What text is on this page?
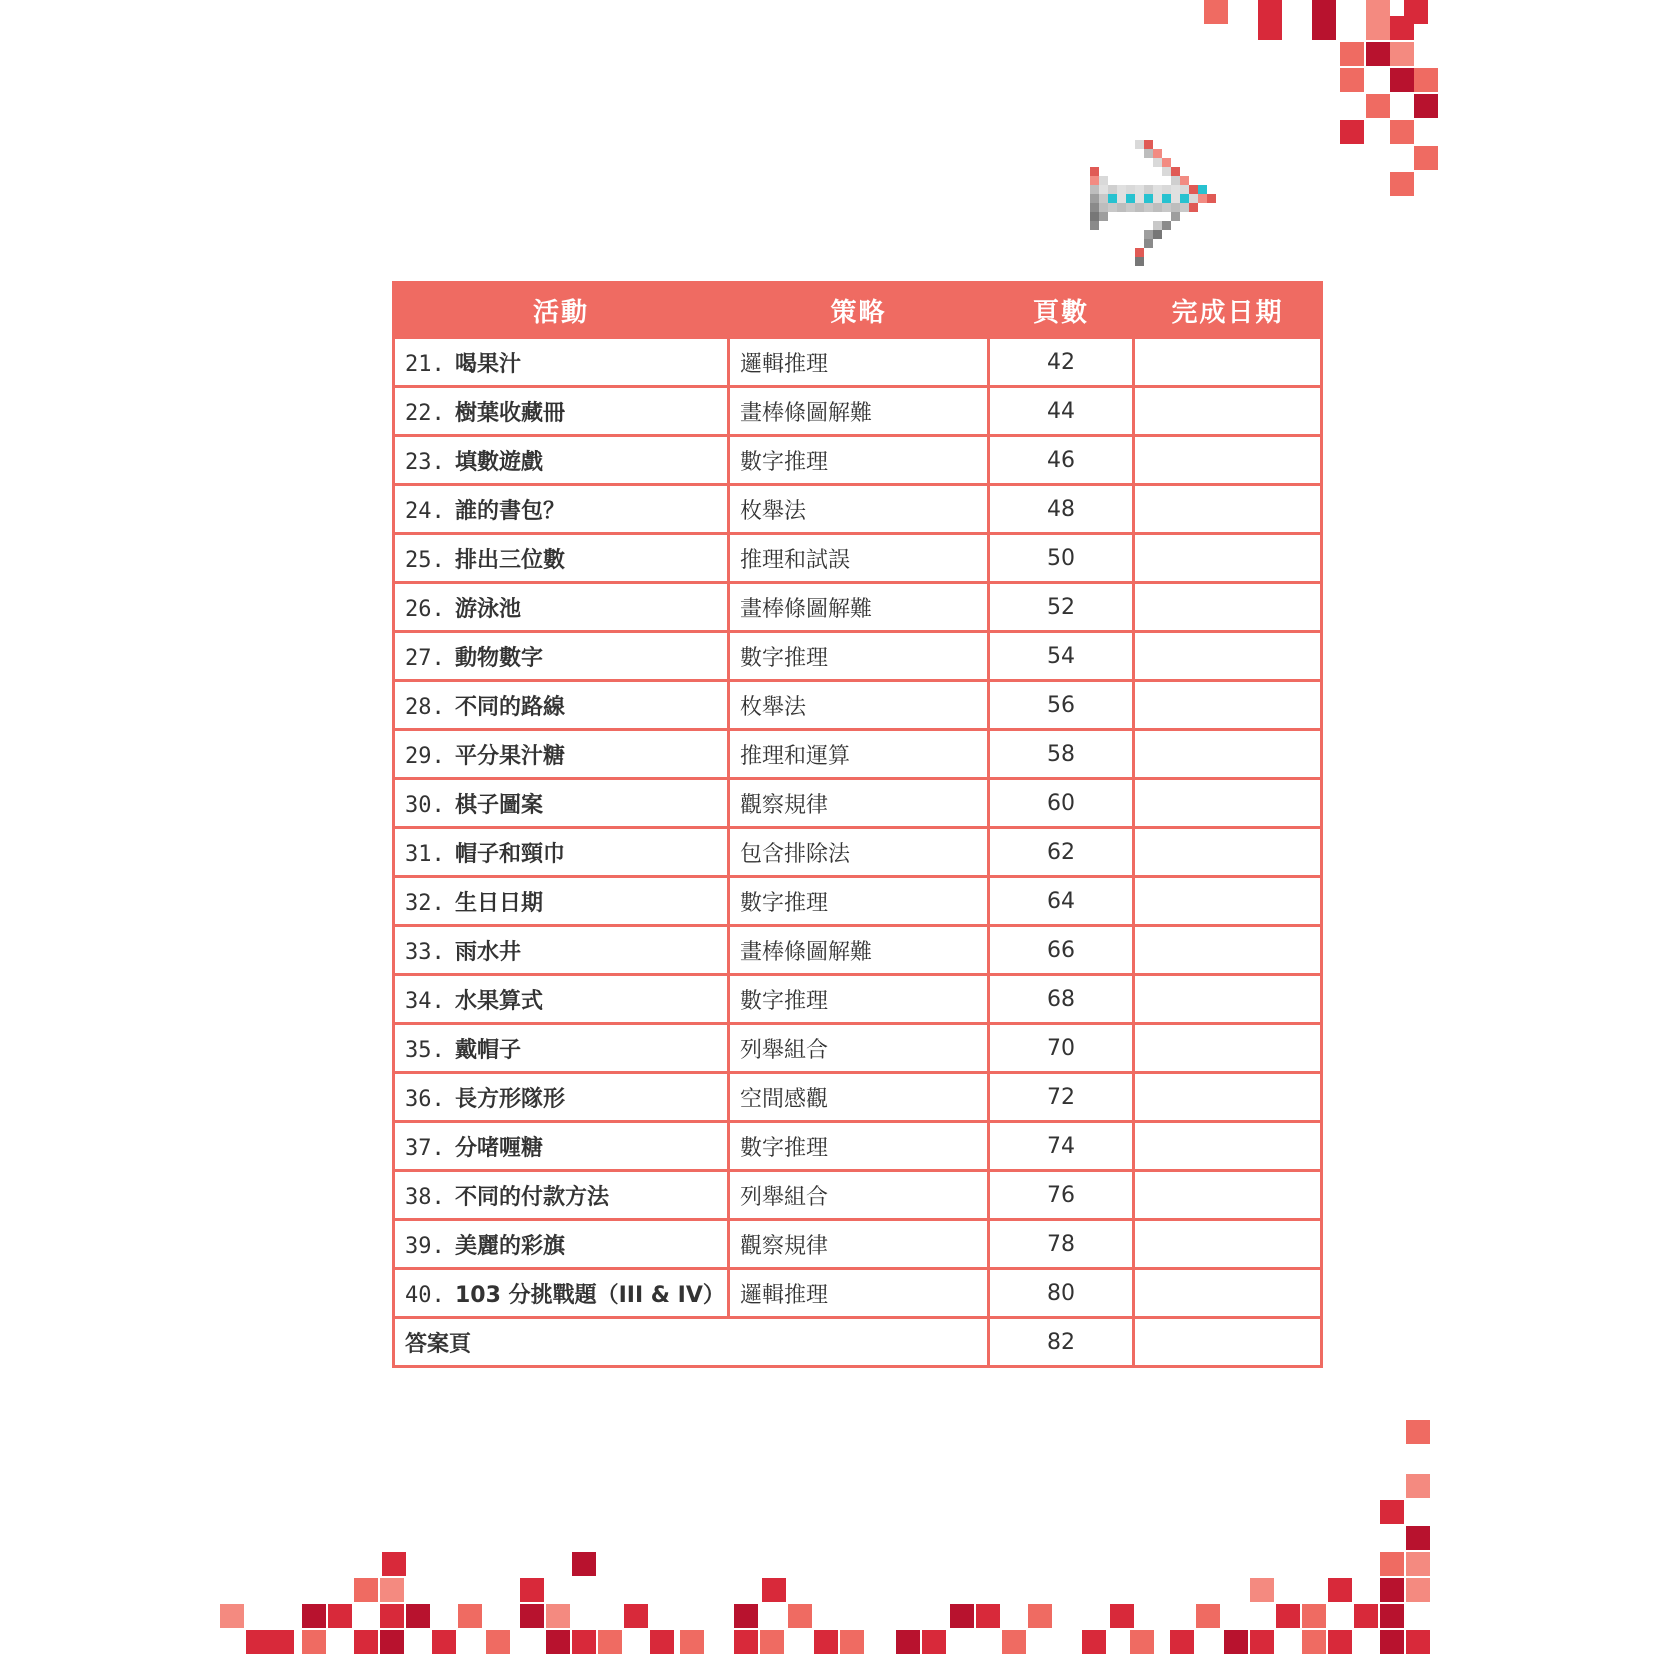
活動	策略	頁數	完成日期
21. 喝果汁	邏輯推理	42	
22. 樹葉收藏冊	畫棒條圖解難	44	
23. 填數遊戲	數字推理	46	
24. 誰的書包？	枚舉法	48	
25. 排出三位數	推理和試誤	50	
26. 游泳池	畫棒條圖解難	52	
27. 動物數字	數字推理	54	
28. 不同的路線	枚舉法	56	
29. 平分果汁糖	推理和運算	58	
30. 棋子圖案	觀察規律	60	
31. 帽子和頸巾	包含排除法	62	
32. 生日日期	數字推理	64	
33. 雨水井	畫棒條圖解難	66	
34. 水果算式	數字推理	68	
35. 戴帽子	列舉組合	70	
36. 長方形隊形	空間感觀	72	
37. 分啫喱糖	數字推理	74	
38. 不同的付款方法	列舉組合	76	
39. 美麗的彩旗	觀察規律	78	
40. 103 分挑戰題（III & IV）	邏輯推理	80	
答案頁		82	
